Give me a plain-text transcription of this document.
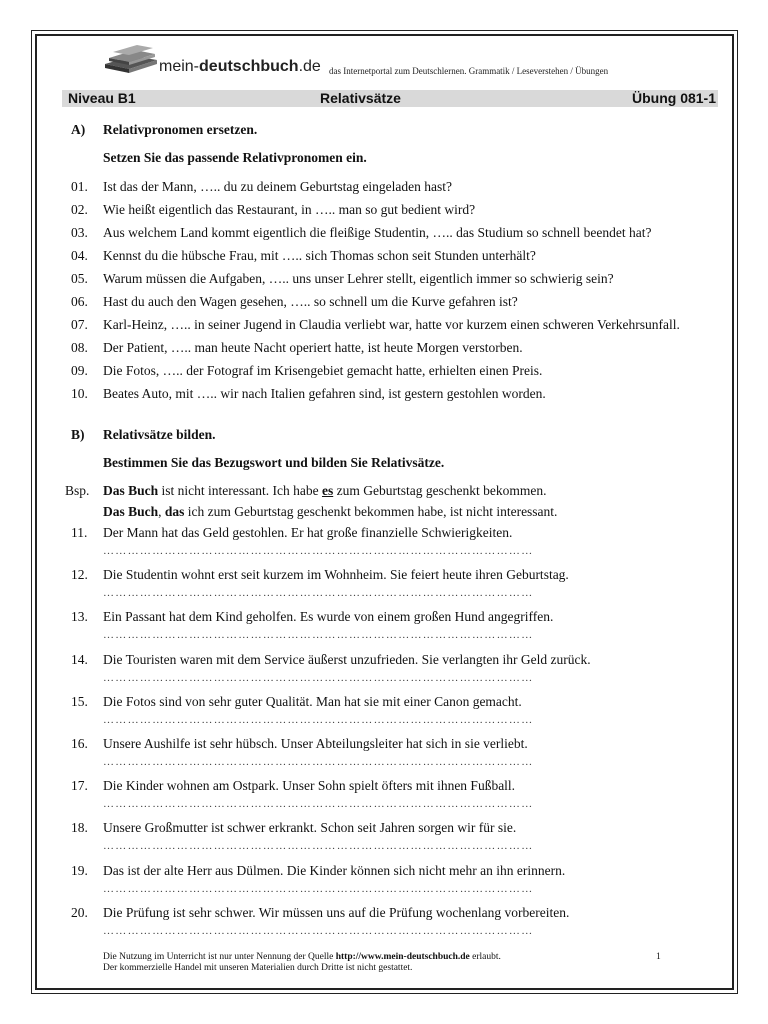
mein-deutschbuch.de das Internetportal zum Deutschlernen. Grammatik / Leseverstehen / Übungen
Niveau B1	Relativsätze	Übung 081-1
A) Relativpronomen ersetzen.
Setzen Sie das passende Relativpronomen ein.
01. Ist das der Mann, ….. du zu deinem Geburtstag eingeladen hast?
02. Wie heißt eigentlich das Restaurant, in ….. man so gut bedient wird?
03. Aus welchem Land kommt eigentlich die fleißige Studentin, ….. das Studium so schnell beendet hat?
04. Kennst du die hübsche Frau, mit ….. sich Thomas schon seit Stunden unterhält?
05. Warum müssen die Aufgaben, ….. uns unser Lehrer stellt, eigentlich immer so schwierig sein?
06. Hast du auch den Wagen gesehen, ….. so schnell um die Kurve gefahren ist?
07. Karl-Heinz, ….. in seiner Jugend in Claudia verliebt war, hatte vor kurzem einen schweren Verkehrsunfall.
08. Der Patient, ….. man heute Nacht operiert hatte, ist heute Morgen verstorben.
09. Die Fotos, ….. der Fotograf im Krisengebiet gemacht hatte, erhielten einen Preis.
10. Beates Auto, mit ….. wir nach Italien gefahren sind, ist gestern gestohlen worden.
B) Relativsätze bilden.
Bestimmen Sie das Bezugswort und bilden Sie Relativsätze.
Bsp. Das Buch ist nicht interessant. Ich habe es zum Geburtstag geschenkt bekommen.
Das Buch, das ich zum Geburtstag geschenkt bekommen habe, ist nicht interessant.
11. Der Mann hat das Geld gestohlen. Er hat große finanzielle Schwierigkeiten.
……………………………………………………………………………………………
12. Die Studentin wohnt erst seit kurzem im Wohnheim. Sie feiert heute ihren Geburtstag.
……………………………………………………………………………………………
13. Ein Passant hat dem Kind geholfen. Es wurde von einem großen Hund angegriffen.
……………………………………………………………………………………………
14. Die Touristen waren mit dem Service äußerst unzufrieden. Sie verlangten ihr Geld zurück.
……………………………………………………………………………………………
15. Die Fotos sind von sehr guter Qualität. Man hat sie mit einer Canon gemacht.
……………………………………………………………………………………………
16. Unsere Aushilfe ist sehr hübsch. Unser Abteilungsleiter hat sich in sie verliebt.
……………………………………………………………………………………………
17. Die Kinder wohnen am Ostpark. Unser Sohn spielt öfters mit ihnen Fußball.
……………………………………………………………………………………………
18. Unsere Großmutter ist schwer erkrankt. Schon seit Jahren sorgen wir für sie.
……………………………………………………………………………………………
19. Das ist der alte Herr aus Dülmen. Die Kinder können sich nicht mehr an ihn erinnern.
……………………………………………………………………………………………
20. Die Prüfung ist sehr schwer. Wir müssen uns auf die Prüfung wochenlang vorbereiten.
……………………………………………………………………………………………
Die Nutzung im Unterricht ist nur unter Nennung der Quelle http://www.mein-deutschbuch.de erlaubt.
Der kommerzielle Handel mit unseren Materialien durch Dritte ist nicht gestattet.
1
